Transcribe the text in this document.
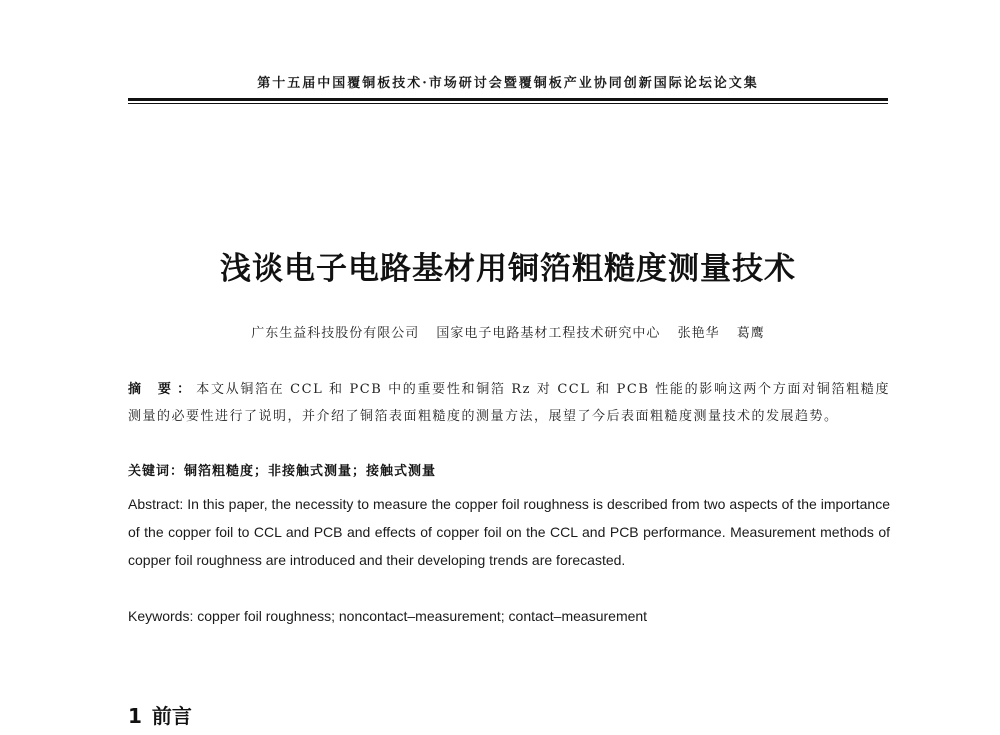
第十五届中国覆铜板技术·市场研讨会暨覆铜板产业协同创新国际论坛论文集
浅谈电子电路基材用铜箔粗糙度测量技术
广东生益科技股份有限公司 国家电子电路基材工程技术研究中心 张艳华 葛鹰
摘 要：本文从铜箔在 CCL 和 PCB 中的重要性和铜箔 Rz 对 CCL 和 PCB 性能的影响这两个方面对铜箔粗糙度测量的必要性进行了说明，并介绍了铜箔表面粗糙度的测量方法，展望了今后表面粗糙度测量技术的发展趋势。
关键词：铜箔粗糙度；非接触式测量；接触式测量
Abstract: In this paper, the necessity to measure the copper foil roughness is described from two aspects of the importance of the copper foil to CCL and PCB and effects of copper foil on the CCL and PCB performance. Measurement methods of copper foil roughness are introduced and their developing trends are forecasted.
Keywords: copper foil roughness; noncontact–measurement; contact–measurement
1 前言
